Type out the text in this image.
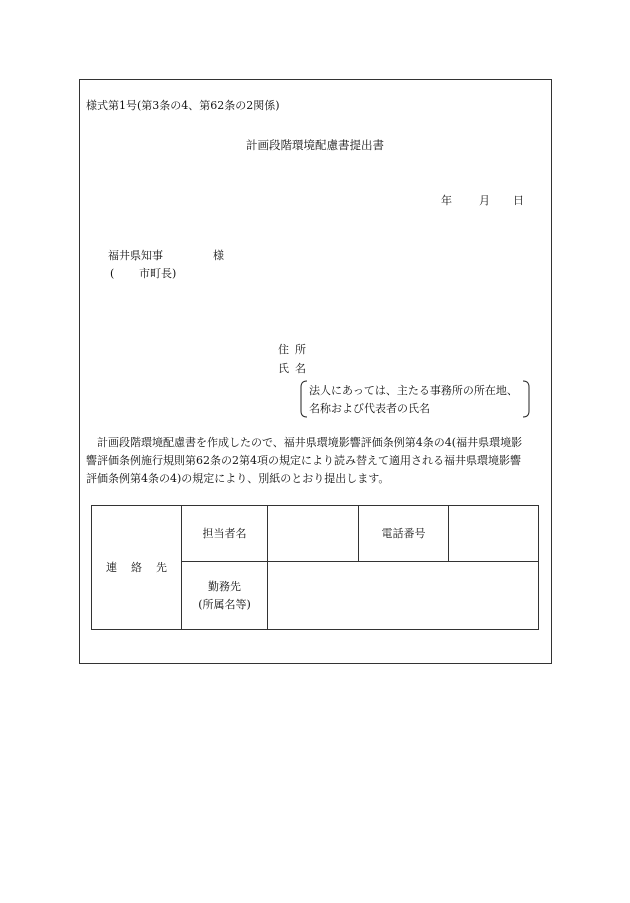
様式第1号(第3条の4、第62条の2関係)
計画段階環境配慮書提出書
年 月 日
福井県知事	様
( 市町長)
住所
氏名
法人にあっては、主たる事務所の所在地、
名称および代表者の氏名
計画段階環境配慮書を作成したので、福井県環境影響評価条例第4条の4(福井県環境影
響評価条例施行規則第62条の2第4項の規定により読み替えて適用される福井県環境影響
評価条例第4条の4)の規定により、別紙のとおり提出します。
連絡先	担当者名		電話番号	

	勤務先
(所属名等)			
